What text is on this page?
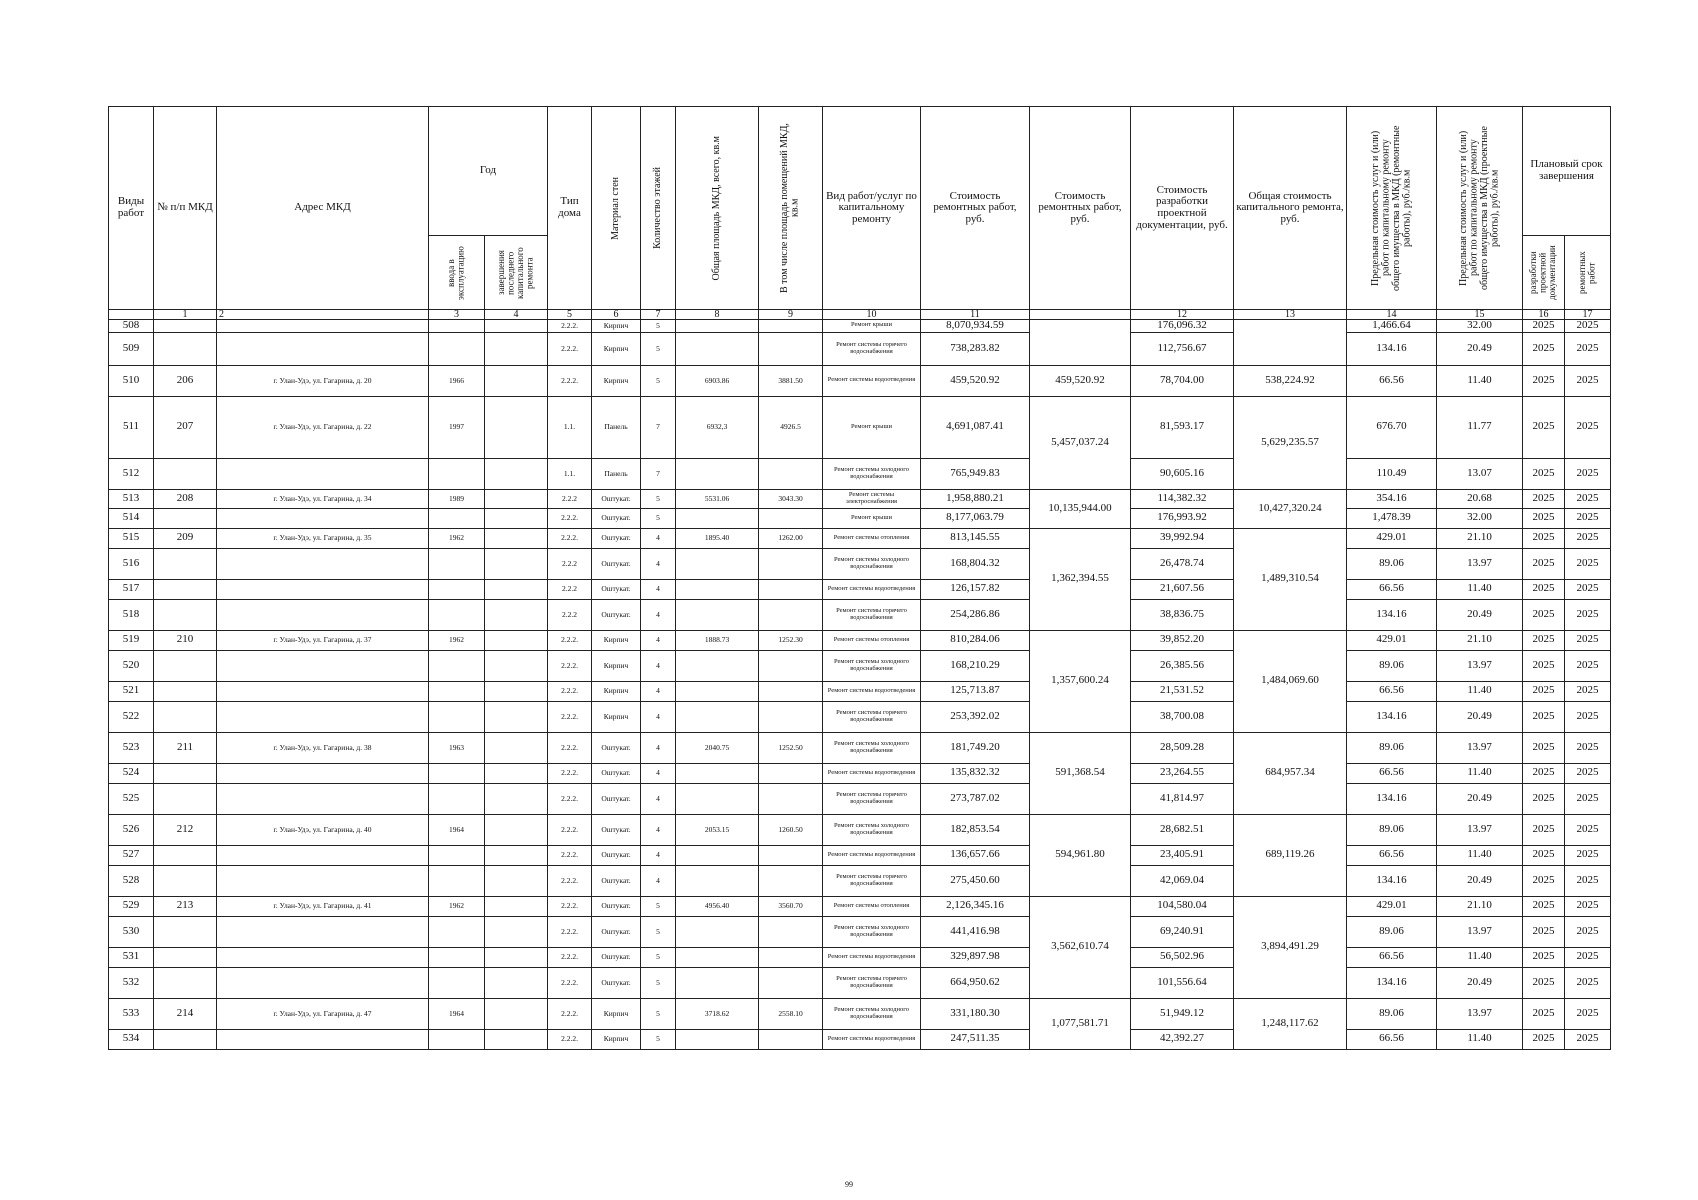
Виды работ	№ п/п МКД	Адрес МКД	Год		Тип дома	Материал стен	Количество этажей	Общая площадь МКД, всего, кв.м	В том числе площадь помещений МКД, кв.м	Вид работ/услуг по капитальному ремонту	Стоимость ремонтных работ, руб.	Стоимость ремонтных работ, руб.	Стоимость разработки проектной документации, руб.	Общая стоимость капитального ремонта, руб.	Предельная стоимость услуг и (или) работ по капитальному ремонту общего имущества в МКД (ремонтные работы), руб./кв.м	Предельная стоимость услуг и (или) работ по капитальному ремонту общего имущества в МКД (проектные работы), руб./кв.м	Плановый срок завершения	

			ввода в эксплуатацию	завершения последнего капитального ремонта													разработки проектной документации	ремонтных работ

	1	2	3	4	5	6	7	8	9	10	11		12	13	14	15	16	17
508					2.2.2.	Кирпич	5			Ремонт крыши	8,070,934.59		176,096.32		1,466.64	32.00	2025	2025
509					2.2.2.	Кирпич	5			Ремонт системы горячего водоснабжения	738,283.82		112,756.67		134.16	20.49	2025	2025
510	206	г. Улан-Удэ, ул. Гагарина, д. 20	1966		2.2.2.	Кирпич	5	6903.86	3881.50	Ремонт системы водоотведения	459,520.92	459,520.92	78,704.00	538,224.92	66.56	11.40	2025	2025
511	207	г. Улан-Удэ, ул. Гагарина, д. 22	1997		1.1.	Панель	7	6932,3	4926.5	Ремонт крыши	4,691,087.41	5,457,037.24	81,593.17	5,629,235.57	676.70	11.77	2025	2025
512					1.1.	Панель	7			Ремонт системы холодного водоснабжения	765,949.83		90,605.16		110.49	13.07	2025	2025
513	208	г. Улан-Удэ, ул. Гагарина, д. 34	1989		2.2.2	Оштукат.	5	5531.06	3043.30	Ремонт системы электроснабжения	1,958,880.21	10,135,944.00	114,382.32	10,427,320.24	354.16	20.68	2025	2025
514					2.2.2.	Оштукат.	5			Ремонт крыши	8,177,063.79		176,993.92		1,478.39	32.00	2025	2025
515	209	г. Улан-Удэ, ул. Гагарина, д. 35	1962		2.2.2.	Оштукат.	4	1895.40	1262.00	Ремонт системы отопления	813,145.55	1,362,394.55	39,992.94	1,489,310.54	429.01	21.10	2025	2025
516					2.2.2	Оштукат.	4			Ремонт системы холодного водоснабжения	168,804.32		26,478.74		89.06	13.97	2025	2025
517					2.2.2	Оштукат.	4			Ремонт системы водоотведения	126,157.82		21,607.56		66.56	11.40	2025	2025
518					2.2.2	Оштукат.	4			Ремонт системы горячего водоснабжения	254,286.86		38,836.75		134.16	20.49	2025	2025
519	210	г. Улан-Удэ, ул. Гагарина, д. 37	1962		2.2.2.	Кирпич	4	1888.73	1252.30	Ремонт системы отопления	810,284.06	1,357,600.24	39,852.20	1,484,069.60	429.01	21.10	2025	2025
520					2.2.2.	Кирпич	4			Ремонт системы холодного водоснабжения	168,210.29		26,385.56		89.06	13.97	2025	2025
521					2.2.2.	Кирпич	4			Ремонт системы водоотведения	125,713.87		21,531.52		66.56	11.40	2025	2025
522					2.2.2.	Кирпич	4			Ремонт системы горячего водоснабжения	253,392.02		38,700.08		134.16	20.49	2025	2025
523	211	г. Улан-Удэ, ул. Гагарина, д. 38	1963		2.2.2.	Оштукат.	4	2040.75	1252.50	Ремонт системы холодного водоснабжения	181,749.20	591,368.54	28,509.28	684,957.34	89.06	13.97	2025	2025
524					2.2.2.	Оштукат.	4			Ремонт системы водоотведения	135,832.32		23,264.55		66.56	11.40	2025	2025
525					2.2.2.	Оштукат.	4			Ремонт системы горячего водоснабжения	273,787.02		41,814.97		134.16	20.49	2025	2025
526	212	г. Улан-Удэ, ул. Гагарина, д. 40	1964		2.2.2.	Оштукат.	4	2053.15	1260.50	Ремонт системы холодного водоснабжения	182,853.54	594,961.80	28,682.51	689,119.26	89.06	13.97	2025	2025
527					2.2.2.	Оштукат.	4			Ремонт системы водоотведения	136,657.66		23,405.91		66.56	11.40	2025	2025
528					2.2.2.	Оштукат.	4			Ремонт системы горячего водоснабжения	275,450.60		42,069.04		134.16	20.49	2025	2025
529	213	г. Улан-Удэ, ул. Гагарина, д. 41	1962		2.2.2.	Оштукат.	5	4956.40	3560.70	Ремонт системы отопления	2,126,345.16	3,562,610.74	104,580.04	3,894,491.29	429.01	21.10	2025	2025
530					2.2.2.	Оштукат.	5			Ремонт системы холодного водоснабжения	441,416.98		69,240.91		89.06	13.97	2025	2025
531					2.2.2.	Оштукат.	5			Ремонт системы водоотведения	329,897.98		56,502.96		66.56	11.40	2025	2025
532					2.2.2.	Оштукат.	5			Ремонт системы горячего водоснабжения	664,950.62		101,556.64		134.16	20.49	2025	2025
533	214	г. Улан-Удэ, ул. Гагарина, д. 47	1964		2.2.2.	Кирпич	5	3718.62	2558.10	Ремонт системы холодного водоснабжения	331,180.30	1,077,581.71	51,949.12	1,248,117.62	89.06	13.97	2025	2025
534					2.2.2.	Кирпич	5			Ремонт системы водоотведения	247,511.35		42,392.27		66.56	11.40	2025	2025
99
